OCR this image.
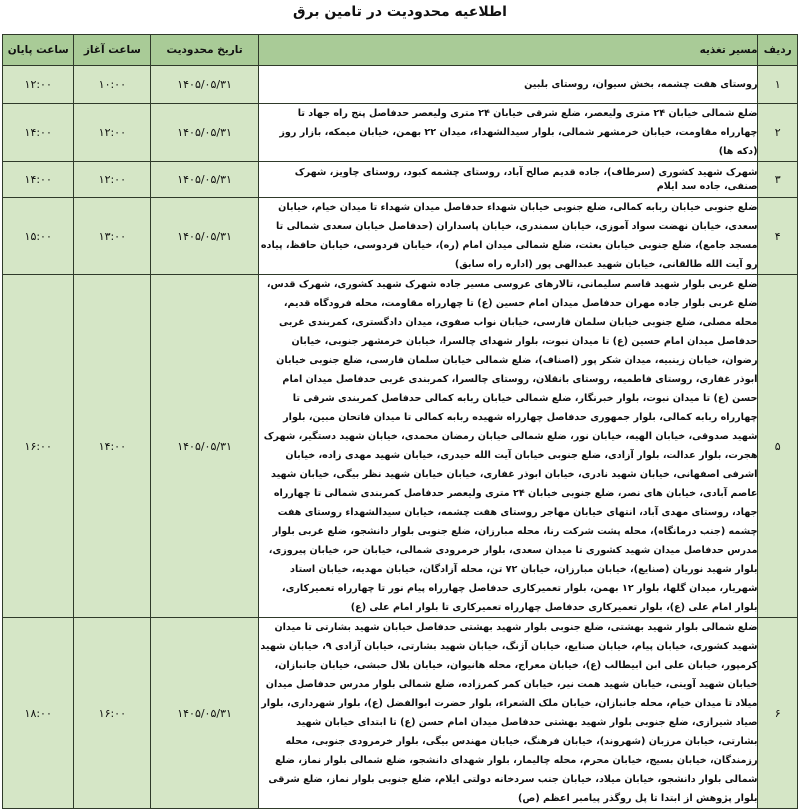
اطلاعیه محدودیت در تامین برق
ردیف	مسیر تغذیه	تاریخ محدودیت	ساعت آغاز	ساعت پایان
۱	روستای هفت چشمه، بخش سیوان، روستای بلبین	۱۴۰۵/۰۵/۳۱	۱۰:۰۰	۱۲:۰۰
۲	ضلع شمالی خیابان ۲۴ متری ولیعصر، ضلع شرقی خیابان ۲۴ متری ولیعصر حدفاصل پنج راه جهاد تا چهارراه مقاومت، خیابان خرمشهر شمالی، بلوار سیدالشهداء، میدان ۲۲ بهمن، خیابان میمکه، بازار روز (دکه ها)	۱۴۰۵/۰۵/۳۱	۱۲:۰۰	۱۴:۰۰
۳	شهرک شهید کشوری (سرطاف)، جاده قدیم صالح آباد، روستای چشمه کبود، روستای چاویز، شهرک صنفی، جاده سد ایلام	۱۴۰۵/۰۵/۳۱	۱۲:۰۰	۱۴:۰۰
۴	ضلع جنوبی خیابان ربابه کمالی، ضلع جنوبی خیابان شهداء حدفاصل میدان شهداء تا میدان خیام، خیابان سعدی، خیابان نهضت سواد آموزی، خیابان سمندری، خیابان پاسداران (حدفاصل خیابان سعدی شمالی تا مسجد جامع)، ضلع جنوبی خیابان بعثت، ضلع شمالی میدان امام (ره)، خیابان فردوسی، خیابان حافظ، پیاده رو آیت الله طالقانی، خیابان شهید عبدالهی پور (اداره راه سابق)	۱۴۰۵/۰۵/۳۱	۱۳:۰۰	۱۵:۰۰
۵	ضلع غربی بلوار شهید قاسم سلیمانی، تالارهای عروسی مسیر جاده شهرک شهید کشوری، شهرک قدس، ضلع غربی بلوار جاده مهران حدفاصل میدان امام حسین (ع) تا چهارراه مقاومت، محله فرودگاه قدیم، محله مصلی، ضلع جنوبی خیابان سلمان فارسی، خیابان نواب صفوی، میدان دادگستری، کمربندی غربی حدفاصل میدان امام حسین (ع) تا میدان نبوت، بلوار شهدای چالسرا، خیابان خرمشهر جنوبی، خیابان رضوان، خیابان زینبیه، میدان شکر پور (اصناف)، ضلع شمالی خیابان سلمان فارسی، ضلع جنوبی خیابان ابوذر غفاری، روستای فاطمیه، روستای بانقلان، روستای چالسرا، کمربندی غربی حدفاصل میدان امام حسن (ع) تا میدان نبوت، بلوار خبرنگار، ضلع شمالی خیابان ربابه کمالی حدفاصل کمربندی شرقی تا چهارراه ربابه کمالی، بلوار جمهوری حدفاصل چهارراه شهیده ربابه کمالی تا میدان فاتحان مبین، بلوار شهید صدوقی، خیابان الهیه، خیابان نور، ضلع شمالی خیابان رمضان محمدی، خیابان شهید دستگیر، شهرک هجرت، بلوار عدالت، بلوار آزادی، ضلع جنوبی خیابان آیت الله حیدری، خیابان شهید مهدی زاده، خیابان اشرفی اصفهانی، خیابان شهید نادری، خیابان ابوذر غفاری، خیابان خیابان شهید نظر بیگی، خیابان شهید عاصم آبادی، خیابان های نصر، ضلع جنوبی خیابان ۲۴ متری ولیعصر حدفاصل کمربندی شمالی تا چهارراه جهاد، روستای مهدی آباد، انتهای خیابان مهاجر روستای هفت چشمه، خیابان سیدالشهداء روستای هفت چشمه (جنب درمانگاه)، محله پشت شرکت رنا، محله مبارزان، ضلع جنوبی بلوار دانشجو، ضلع غربی بلوار مدرس حدفاصل میدان شهید کشوری تا میدان سعدی، بلوار خرمرودی شمالی، خیابان حر، خیابان پیروزی، بلوار شهید نوریان (صنایع)، خیابان مبارزان، خیابان ۷۲ تن، محله آزادگان، خیابان مهدیه، خیابان استاد شهریار، میدان گلها، بلوار ۱۲ بهمن، بلوار تعمیرکاری حدفاصل چهارراه پیام نور تا چهارراه تعمیرکاری، بلوار امام علی (ع)، بلوار تعمیرکاری حدفاصل چهارراه تعمیرکاری تا بلوار امام علی (ع)	۱۴۰۵/۰۵/۳۱	۱۴:۰۰	۱۶:۰۰
۶	ضلع شمالی بلوار شهید بهشتی، ضلع جنوبی بلوار شهید بهشتی حدفاصل خیابان شهید بشارتی تا میدان شهید کشوری، خیابان پیام، خیابان صنایع، خیابان آژنگ، خیابان شهید بشارتی، خیابان آزادی ۹، خیابان شهید کرمپور، خیابان علی ابن ابیطالب (ع)، خیابان معراج، محله هانیوان، خیابان بلال حبشی، خیابان جانبازان، خیابان شهید آوینی، خیابان شهید همت نیر، خیابان کمر کمرزاده، ضلع شمالی بلوار مدرس حدفاصل میدان میلاد تا میدان خیام، محله جانبازان، خیابان ملک الشعراء، بلوار حضرت ابوالفضل (ع)، بلوار شهرداری، بلوار صیاد شیرازی، ضلع جنوبی بلوار شهید بهشتی حدفاصل میدان امام حسن (ع) تا ابتدای خیابان شهید بشارتی، خیابان مرزبان (شهروند)، خیابان فرهنگ، خیابان مهندس بیگی، بلوار خرمرودی جنوبی، محله رزمندگان، خیابان بسیج، خیابان محرم، محله چالیمار، بلوار شهدای دانشجو، ضلع شمالی بلوار نماز، ضلع شمالی بلوار دانشجو، خیابان میلاد، خیابان جنب سردخانه دولتی ایلام، ضلع جنوبی بلوار نماز، ضلع شرقی بلوار پژوهش از ابتدا تا پل روگذر پیامبر اعظم (ص)	۱۴۰۵/۰۵/۳۱	۱۶:۰۰	۱۸:۰۰
